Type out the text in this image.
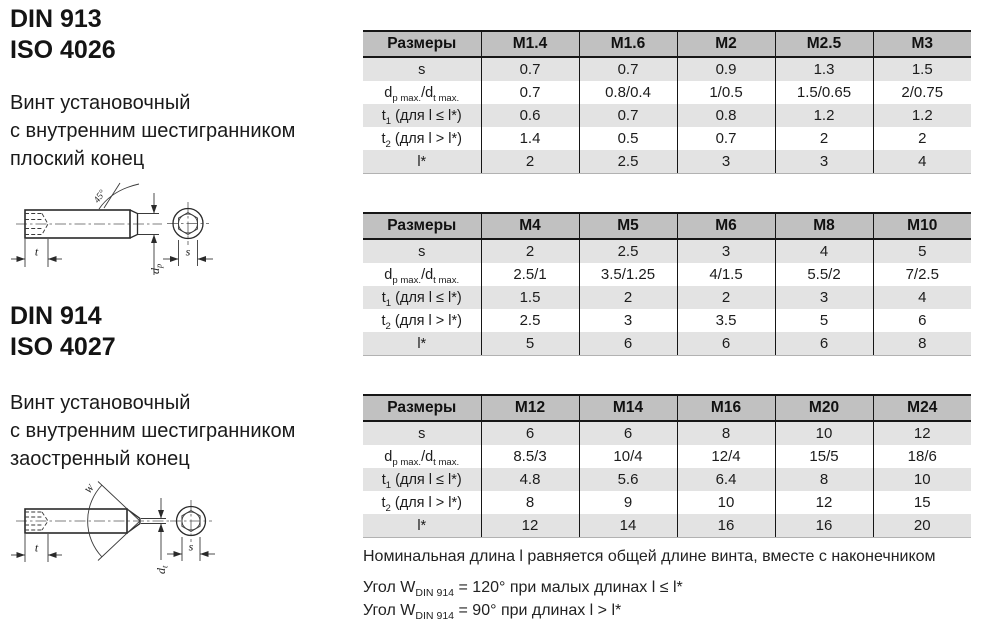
DIN 913
ISO 4026
Винт установочный
с внутренним шестигранником
плоский конец
45°
t
$d_p$
s
DIN 914
ISO 4027
Винт установочный
с внутренним шестигранником
заостренный конец
W
t
$d_t$
s
Размеры	M1.4	M1.6	M2	M2.5	M3
s	0.7	0.7	0.9	1.3	1.5
$d_{p max.}/d_{t max.}$	0.7	0.8/0.4	1/0.5	1.5/0.65	2/0.75
$t_1$ (для l ≤ l*)	0.6	0.7	0.8	1.2	1.2
$t_2$ (для l > l*)	1.4	0.5	0.7	2	2
l*	2	2.5	3	3	4
Размеры	M4	M5	M6	M8	M10
s	2	2.5	3	4	5
$d_{p max.}/d_{t max.}$	2.5/1	3.5/1.25	4/1.5	5.5/2	7/2.5
$t_1$ (для l ≤ l*)	1.5	2	2	3	4
$t_2$ (для l > l*)	2.5	3	3.5	5	6
l*	5	6	6	6	8
Размеры	M12	M14	M16	M20	M24
s	6	6	8	10	12
$d_{p max.}/d_{t max.}$	8.5/3	10/4	12/4	15/5	18/6
$t_1$ (для l ≤ l*)	4.8	5.6	6.4	8	10
$t_2$ (для l > l*)	8	9	10	12	15
l*	12	14	16	16	20
Номинальная длина l равняется общей длине винта, вместе с наконечником
Угол $W_{DIN 914} = 120^\circ$ при малых длинах l ≤ l*
Угол $W_{DIN 914} = 90^\circ$ при длинах l > l*
